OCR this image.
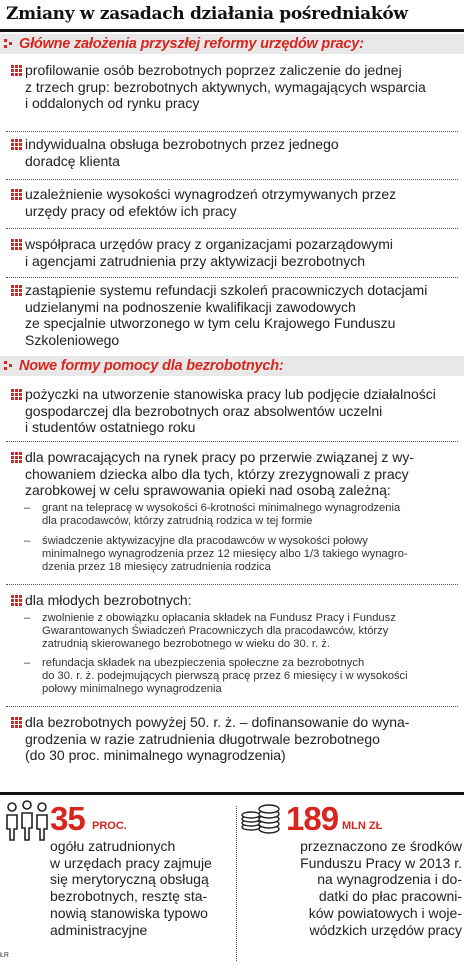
Zmiany w zasadach działania pośredniaków
Główne założenia przyszłej reformy urzędów pracy:
profilowanie osób bezrobotnych poprzez zaliczenie do jednej
z trzech grup: bezrobotnych aktywnych, wymagających wsparcia
i oddalonych od rynku pracy
indywidualna obsługa bezrobotnych przez jednego
doradcę klienta
uzależnienie wysokości wynagrodzeń otrzymywanych przez
urzędy pracy od efektów ich pracy
współpraca urzędów pracy z organizacjami pozarządowymi
i agencjami zatrudnienia przy aktywizacji bezrobotnych
zastąpienie systemu refundacji szkoleń pracowniczych dotacjami
udzielanymi na podnoszenie kwalifikacji zawodowych
ze specjalnie utworzonego w tym celu Krajowego Funduszu
Szkoleniowego
Nowe formy pomocy dla bezrobotnych:
pożyczki na utworzenie stanowiska pracy lub podjęcie działalności
gospodarczej dla bezrobotnych oraz absolwentów uczelni
i studentów ostatniego roku
dla powracających na rynek pracy po przerwie związanej z wy-
chowaniem dziecka albo dla tych, którzy zrezygnowali z pracy
zarobkowej w celu sprawowania opieki nad osobą zależną:
– grant na telepracę w wysokości 6-krotności minimalnego wynagrodzenia
dla pracodawców, którzy zatrudnią rodzica w tej formie
– świadczenie aktywizacyjne dla pracodawców w wysokości połowy
minimalnego wynagrodzenia przez 12 miesięcy albo 1/3 takiego wynagro-
dzenia przez 18 miesięcy zatrudnienia rodzica
dla młodych bezrobotnych:
– zwolnienie z obowiązku opłacania składek na Fundusz Pracy i Fundusz
Gwarantowanych Świadczeń Pracowniczych dla pracodawców, którzy
zatrudnią skierowanego bezrobotnego w wieku do 30. r. ż.
– refundacja składek na ubezpieczenia społeczne za bezrobotnych
do 30. r. ż. podejmujących pierwszą pracę przez 6 miesięcy i w wysokości
połowy minimalnego wynagrodzenia
dla bezrobotnych powyżej 50. r. ż. – dofinansowanie do wyna-
grodzenia w razie zatrudnienia długotrwale bezrobotnego
(do 30 proc. minimalnego wynagrodzenia)
35 PROC.
ogółu zatrudnionych
w urzędach pracy zajmuje
się merytoryczną obsługą
bezrobotnych, resztę sta-
nowią stanowiska typowo
administracyjne
189 MLN ZŁ
przeznaczono ze środków
Funduszu Pracy w 2013 r.
na wynagrodzenia i do-
datki do płac pracowni-
ków powiatowych i woje-
wódzkich urzędów pracy
ŁR
